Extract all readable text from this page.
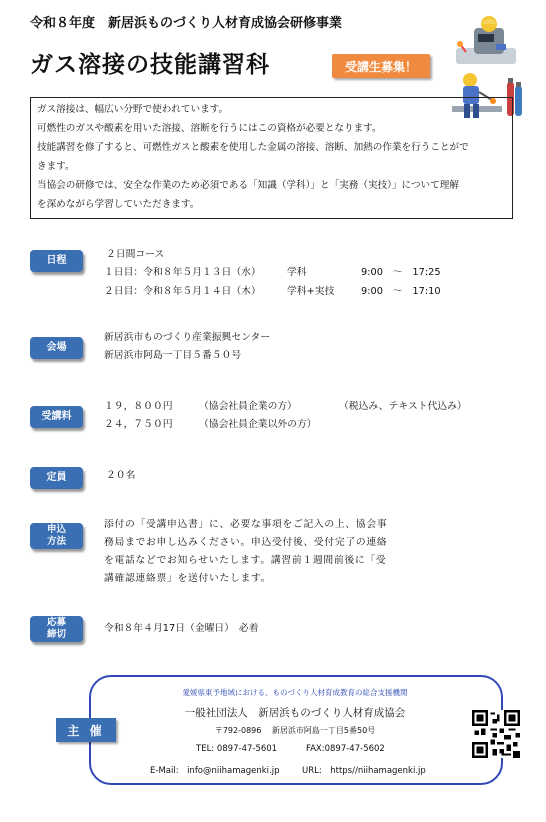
令和８年度　新居浜ものづくり人材育成協会研修事業
ガス溶接の技能講習科	受講生募集！

ガス溶接は、幅広い分野で使われています。

可燃性のガスや酸素を用いた溶接、溶断を行うにはこの資格が必要となります。

技能講習を修了すると、可燃性ガスと酸素を使用した金属の溶接、溶断、加熱の作業を行うことがで

きます。

当協会の研修では、安全な作業のため必須である「知識（学科）」と「実務（実技）」について理解

を深めながら学習していただきます。

日程
２日間コース
１日目：令和８年５月１３日（水）	学科	9:00　～　17:25
２日目：令和８年５月１４日（木）	学科+実技	9:00　～　17:10
会場
新居浜市ものづくり産業振興センター
新居浜市阿島一丁目５番５０号
受講料
１９，８００円	（協会社員企業の方）	（税込み、テキスト代込み）
２４，７５０円	（協会社員企業以外の方）
定員	２０名
申込
方法
添付の「受講申込書」に、必要な事項をご記入の上、協会事
務局までお申し込みください。申込受付後、受付完了の連絡
を電話などでお知らせいたします。講習前１週間前後に「受
講確認連絡票」を送付いたします。
応募
締切
令和８年４月17日（金曜日）　必着
主 催
愛媛県東予地域における、ものづくり人材育成教育の総合支援機関
一般社団法人　新居浜ものづくり人材育成協会
〒792-0896　 新居浜市阿島一丁目5番50号
TEL: 0897-47-5601	FAX:0897-47-5602
E-Mail:　info@niihamagenki.jp	URL:　https//niihamagenki.jp
